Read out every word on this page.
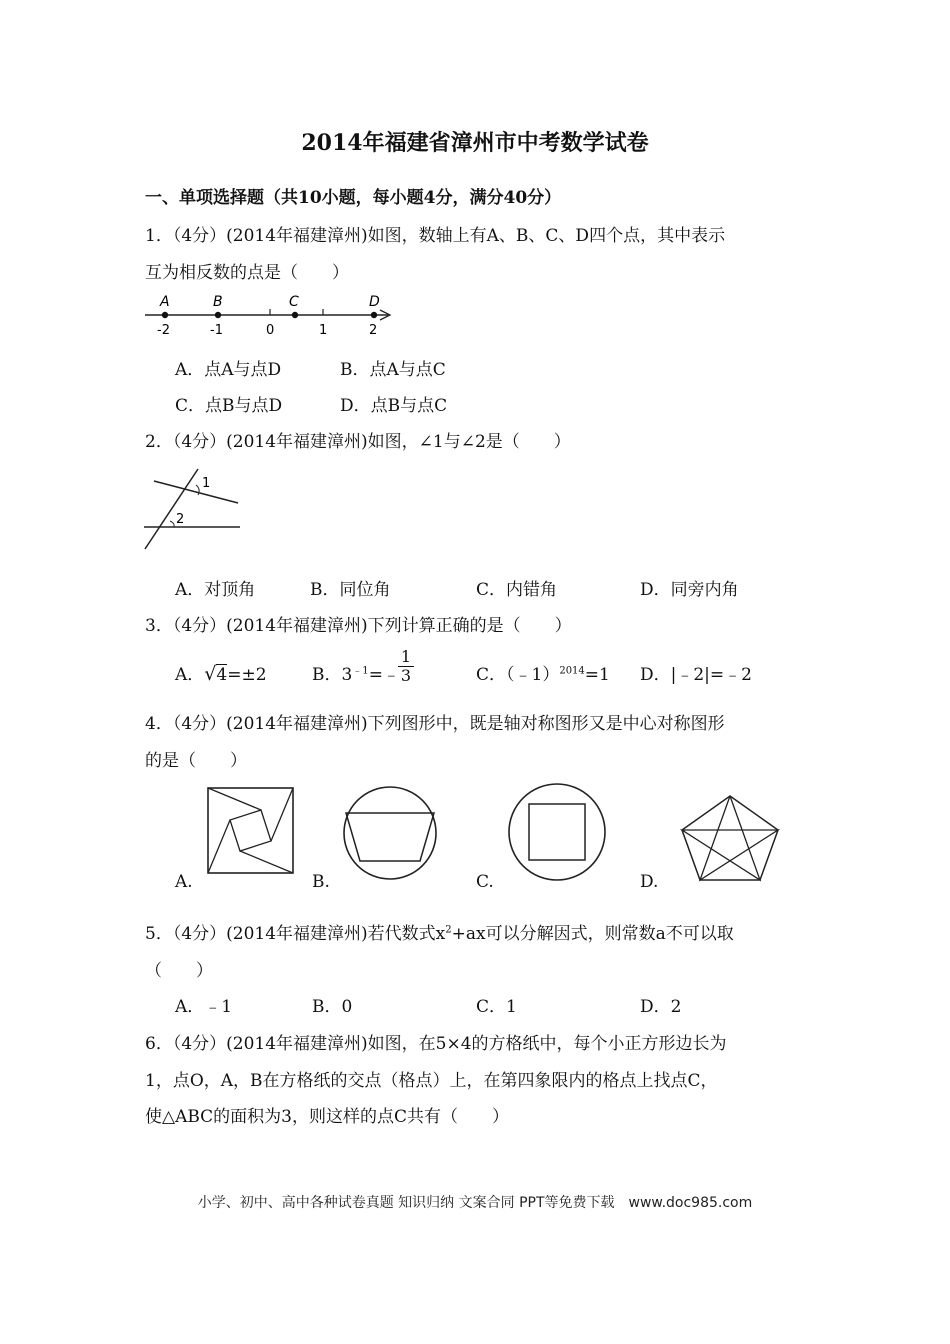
2014年福建省漳州市中考数学试卷
一、单项选择题（共10小题，每小题4分，满分40分）
1．（4分）(2014年福建漳州)如图，数轴上有A、B、C、D四个点，其中表示
互为相反数的点是（　　）
A	B	C	D
-2	-1	0	1	2
A．点A与点D	B．点A与点C
C．点B与点D	D．点B与点C
2．（4分）(2014年福建漳州)如图，∠1与∠2是（　　）
1
2
A．对顶角	B．同位角	C．内错角	D．同旁内角
3．（4分）(2014年福建漳州)下列计算正确的是（　　）
A．√4=±2	B．$3^{﹣1}=﹣$
$\frac{1}{3}$	C．（﹣1）$^{2014}$=1 D．|﹣2|=﹣2
4．（4分）(2014年福建漳州)下列图形中，既是轴对称图形又是中心对称图形
的是（　　）
A.	B.	C.	D.
5．（4分）(2014年福建漳州)若代数式$x^2+ax$可以分解因式，则常数a不可以取
（　　）
A．﹣1	B．0	C．1	D．2
6．（4分）(2014年福建漳州)如图，在5×4的方格纸中，每个小正方形边长为
1，点O，A，B在方格纸的交点（格点）上，在第四象限内的格点上找点C，
使△ABC的面积为3，则这样的点C共有（　　）
小学、初中、高中各种试卷真题 知识归纳 文案合同 PPT等免费下载　www.doc985.com
